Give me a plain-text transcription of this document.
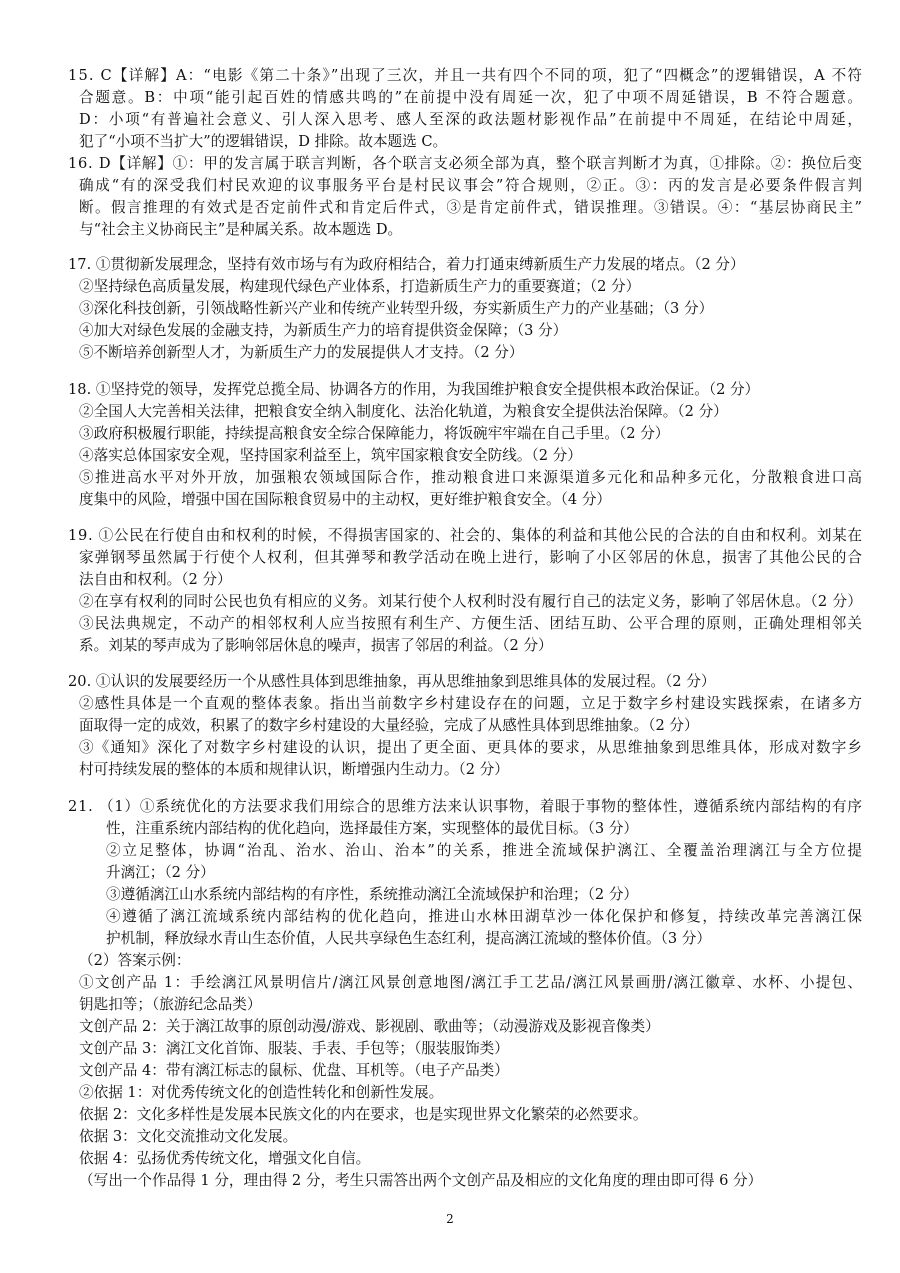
15. C【详解】A：“电影《第二十条》”出现了三次，并且一共有四个不同的项，犯了“四概念”的逻辑错误，A 不符
合题意。B：中项“能引起百姓的情感共鸣的”在前提中没有周延一次，犯了中项不周延错误，B 不符合题意。
D：小项“有普遍社会意义、引人深入思考、感人至深的政法题材影视作品”在前提中不周延，在结论中周延，
犯了“小项不当扩大”的逻辑错误，D 排除。故本题选 C。
16. D【详解】①：甲的发言属于联言判断，各个联言支必须全部为真，整个联言判断才为真，①排除。②：换位后变
确成“有的深受我们村民欢迎的议事服务平台是村民议事会”符合规则，②正。③：丙的发言是必要条件假言判
断。假言推理的有效式是否定前件式和肯定后件式，③是肯定前件式，错误推理。③错误。④：“基层协商民主”
与“社会主义协商民主”是种属关系。故本题选 D。
17. ①贯彻新发展理念，坚持有效市场与有为政府相结合，着力打通束缚新质生产力发展的堵点。（2 分）
②坚持绿色高质量发展，构建现代绿色产业体系，打造新质生产力的重要赛道；（2 分）
③深化科技创新，引领战略性新兴产业和传统产业转型升级，夯实新质生产力的产业基础；（3 分）
④加大对绿色发展的金融支持，为新质生产力的培育提供资金保障；（3 分）
⑤不断培养创新型人才，为新质生产力的发展提供人才支持。（2 分）
18. ①坚持党的领导，发挥党总揽全局、协调各方的作用，为我国维护粮食安全提供根本政治保证。（2 分）
②全国人大完善相关法律，把粮食安全纳入制度化、法治化轨道，为粮食安全提供法治保障。（2 分）
③政府积极履行职能，持续提高粮食安全综合保障能力，将饭碗牢牢端在自己手里。（2 分）
④落实总体国家安全观，坚持国家利益至上，筑牢国家粮食安全防线。（2 分）
⑤推进高水平对外开放，加强粮农领域国际合作，推动粮食进口来源渠道多元化和品种多元化，分散粮食进口高
度集中的风险，增强中国在国际粮食贸易中的主动权，更好维护粮食安全。（4 分）
19. ①公民在行使自由和权利的时候，不得损害国家的、社会的、集体的利益和其他公民的合法的自由和权利。刘某在
家弹钢琴虽然属于行使个人权利，但其弹琴和教学活动在晚上进行，影响了小区邻居的休息，损害了其他公民的合
法自由和权利。（2 分）
②在享有权利的同时公民也负有相应的义务。刘某行使个人权利时没有履行自己的法定义务，影响了邻居休息。（2 分）
③民法典规定，不动产的相邻权利人应当按照有利生产、方便生活、团结互助、公平合理的原则，正确处理相邻关
系。刘某的琴声成为了影响邻居休息的噪声，损害了邻居的利益。（2 分）
20. ①认识的发展要经历一个从感性具体到思维抽象，再从思维抽象到思维具体的发展过程。（2 分）
②感性具体是一个直观的整体表象。指出当前数字乡村建设存在的问题，立足于数字乡村建设实践探索，在诸多方
面取得一定的成效，积累了的数字乡村建设的大量经验，完成了从感性具体到思维抽象。（2 分）
③《通知》深化了对数字乡村建设的认识，提出了更全面、更具体的要求，从思维抽象到思维具体，形成对数字乡
村可持续发展的整体的本质和规律认识，断增强内生动力。（2 分）
21. （1）①系统优化的方法要求我们用综合的思维方法来认识事物，着眼于事物的整体性，遵循系统内部结构的有序
性，注重系统内部结构的优化趋向，选择最佳方案，实现整体的最优目标。（3 分）
②立足整体，协调“治乱、治水、治山、治本”的关系，推进全流域保护漓江、全覆盖治理漓江与全方位提
升漓江；（2 分）
③遵循漓江山水系统内部结构的有序性，系统推动漓江全流域保护和治理；（2 分）
④遵循了漓江流域系统内部结构的优化趋向，推进山水林田湖草沙一体化保护和修复，持续改革完善漓江保
护机制，释放绿水青山生态价值，人民共享绿色生态红利，提高漓江流域的整体价值。（3 分）
（2）答案示例：
①文创产品 1：手绘漓江风景明信片/漓江风景创意地图/漓江手工艺品/漓江风景画册/漓江徽章、水杯、小提包、
钥匙扣等；（旅游纪念品类）
文创产品 2：关于漓江故事的原创动漫/游戏、影视剧、歌曲等；（动漫游戏及影视音像类）
文创产品 3：漓江文化首饰、服装、手表、手包等；（服装服饰类）
文创产品 4：带有漓江标志的鼠标、优盘、耳机等。（电子产品类）
②依据 1：对优秀传统文化的创造性转化和创新性发展。
依据 2：文化多样性是发展本民族文化的内在要求，也是实现世界文化繁荣的必然要求。
依据 3：文化交流推动文化发展。
依据 4：弘扬优秀传统文化，增强文化自信。
（写出一个作品得 1 分，理由得 2 分，考生只需答出两个文创产品及相应的文化角度的理由即可得 6 分）
2
